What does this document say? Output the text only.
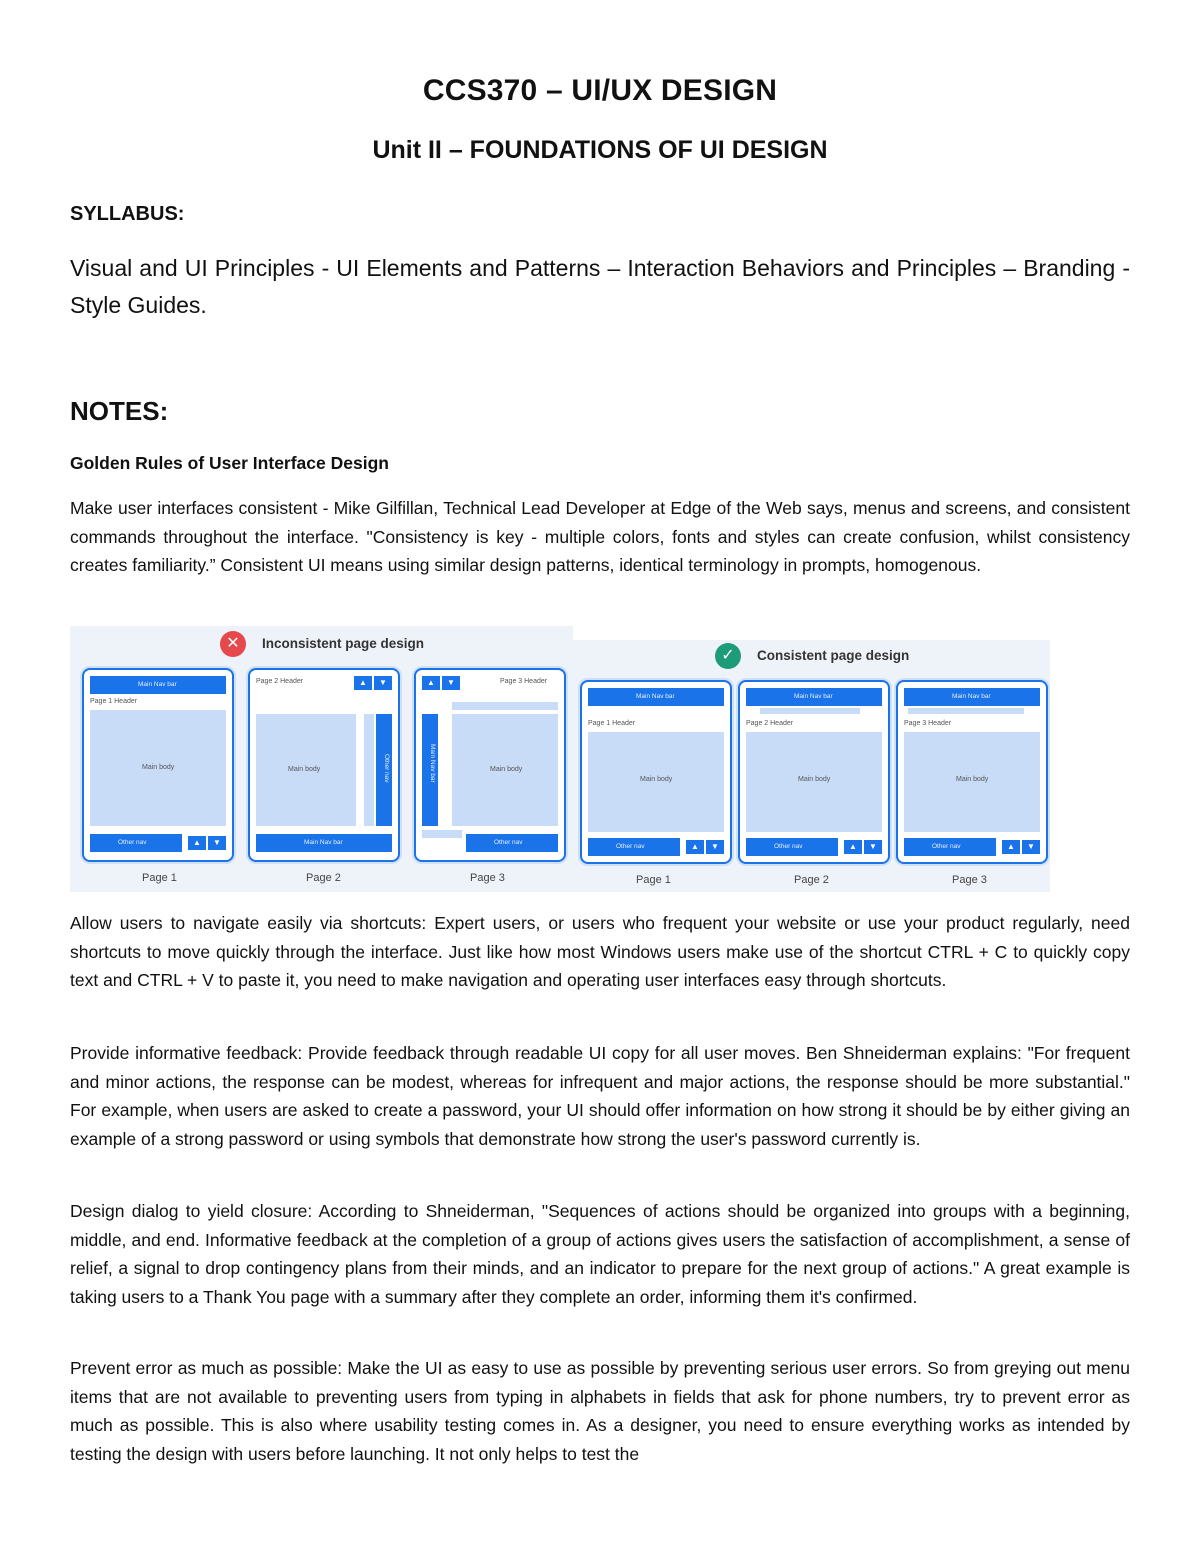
CCS370 – UI/UX DESIGN
Unit II – FOUNDATIONS OF UI DESIGN
SYLLABUS:
Visual and UI Principles - UI Elements and Patterns – Interaction Behaviors and Principles – Branding - Style Guides.
NOTES:
Golden Rules of User Interface Design

Make user interfaces consistent - Mike Gilfillan, Technical Lead Developer at Edge of the Web says, menus and screens, and consistent commands throughout the interface. "Consistency is key - multiple colors, fonts and styles can create confusion, whilst consistency creates familiarity.” Consistent UI means using similar design patterns, identical terminology in prompts, homogenous.

✕	Inconsistent page design
✓	Consistent page design
Main Nav bar
Page 1 Header
Main body
Other nav	▲	▼
Page 1
Page 2 Header	▲	▼
Main body	Other nav
Main Nav bar
Page 2
▲	▼	Page 3 Header
Main Nav bar	Main body
Other nav
Page 3
Main Nav bar
Page 1 Header
Main body
Other nav	▲	▼
Page 1
Main Nav bar
Page 2 Header
Main body
Other nav	▲	▼
Page 2
Main Nav bar
Page 3 Header
Main body
Other nav	▲	▼
Page 3

Allow users to navigate easily via shortcuts: Expert users, or users who frequent your website or use your product regularly, need shortcuts to move quickly through the interface. Just like how most Windows users make use of the shortcut CTRL + C to quickly copy text and CTRL + V to paste it, you need to make navigation and operating user interfaces easy through shortcuts.

Provide informative feedback: Provide feedback through readable UI copy for all user moves. Ben Shneiderman explains: "For frequent and minor actions, the response can be modest, whereas for infrequent and major actions, the response should be more substantial." For example, when users are asked to create a password, your UI should offer information on how strong it should be by either giving an example of a strong password or using symbols that demonstrate how strong the user's password currently is.

Design dialog to yield closure: According to Shneiderman, "Sequences of actions should be organized into groups with a beginning, middle, and end. Informative feedback at the completion of a group of actions gives users the satisfaction of accomplishment, a sense of relief, a signal to drop contingency plans from their minds, and an indicator to prepare for the next group of actions." A great example is taking users to a Thank You page with a summary after they complete an order, informing them it's confirmed.

Prevent error as much as possible: Make the UI as easy to use as possible by preventing serious user errors. So from greying out menu items that are not available to preventing users from typing in alphabets in fields that ask for phone numbers, try to prevent error as much as possible. This is also where usability testing comes in. As a designer, you need to ensure everything works as intended by testing the design with users before launching. It not only helps to test the
